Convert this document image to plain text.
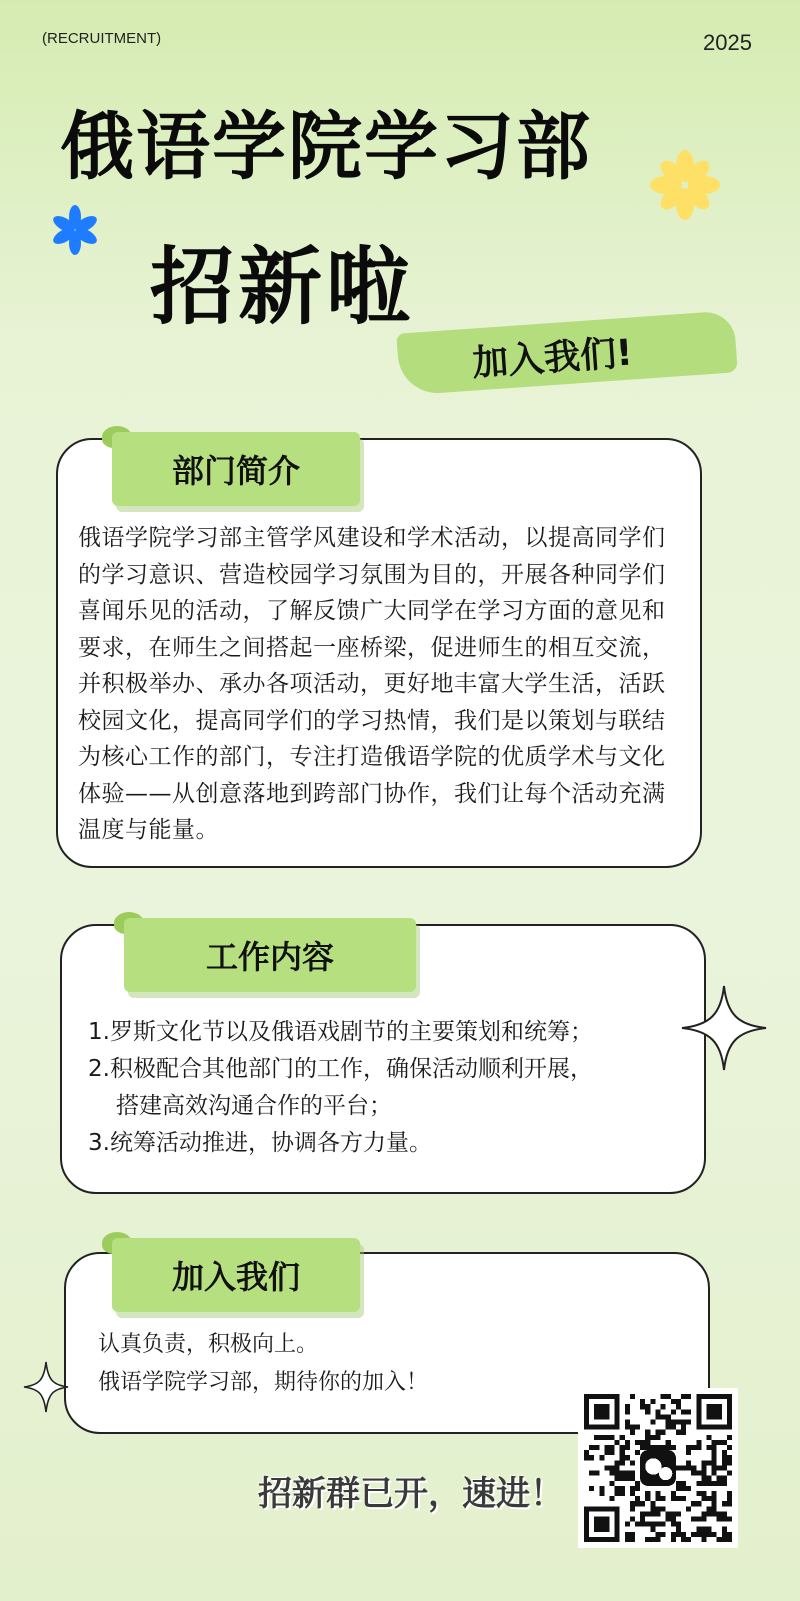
(RECRUITMENT)	2025
俄语学院学习部
招新啦
加入我们!
部门简介
俄语学院学习部主管学风建设和学术活动，以提高同学们的学习意识、营造校园学习氛围为目的，开展各种同学们喜闻乐见的活动，了解反馈广大同学在学习方面的意见和要求，在师生之间搭起一座桥梁，促进师生的相互交流，并积极举办、承办各项活动，更好地丰富大学生活，活跃校园文化，提高同学们的学习热情，我们是以策划与联结为核心工作的部门，专注打造俄语学院的优质学术与文化体验——从创意落地到跨部门协作，我们让每个活动充满温度与能量。
工作内容
1.罗斯文化节以及俄语戏剧节的主要策划和统筹；
2.积极配合其他部门的工作，确保活动顺利开展，
搭建高效沟通合作的平台；
3.统筹活动推进，协调各方力量。
加入我们
认真负责，积极向上。
俄语学院学习部，期待你的加入！
招新群已开，速进！
